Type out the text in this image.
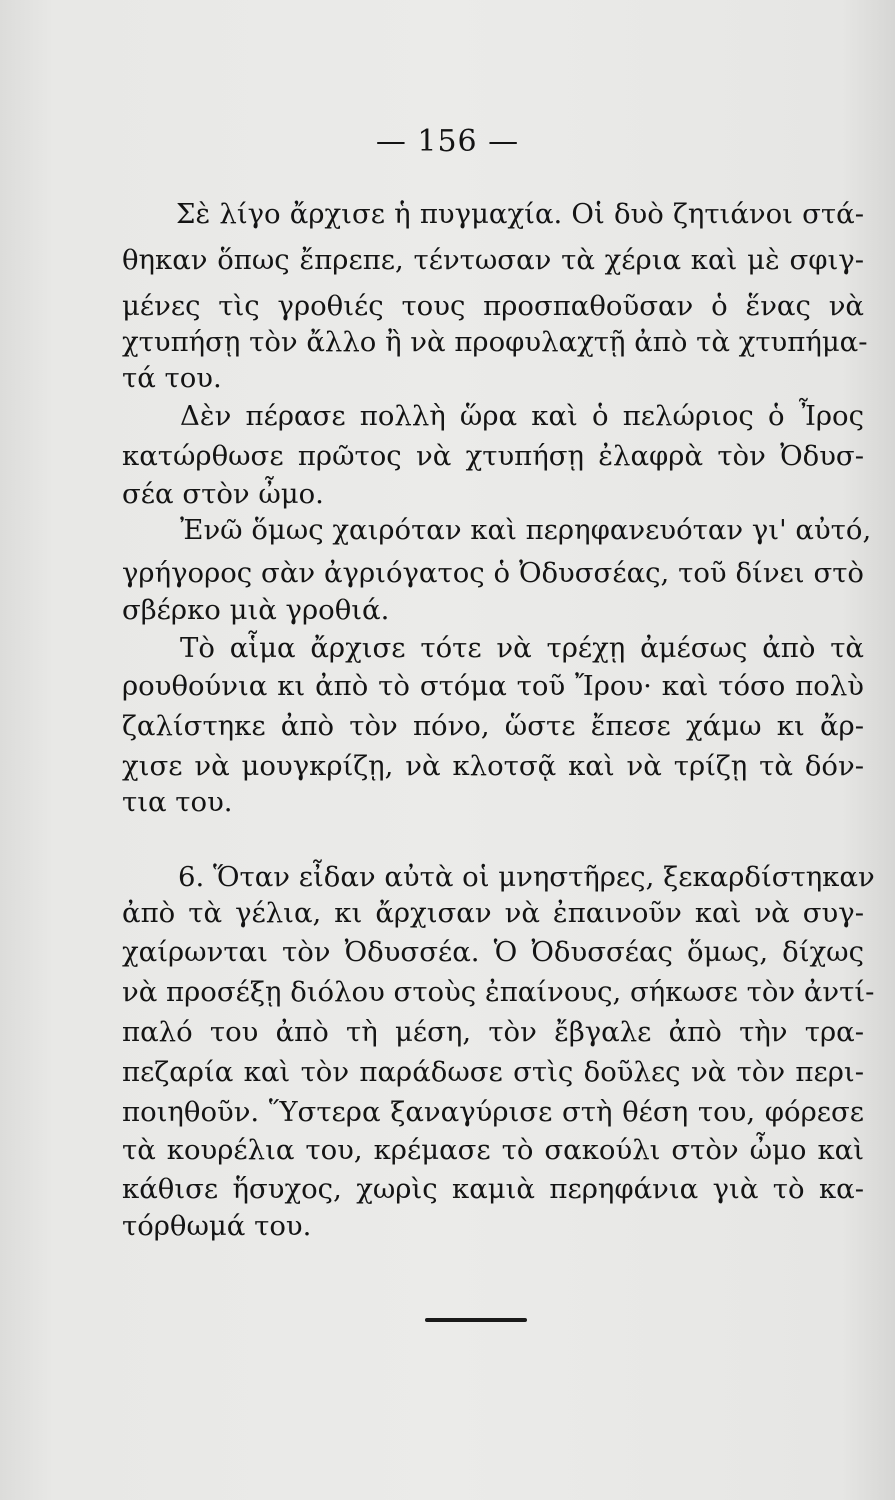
— 156 —
Σὲ λίγο ἄρχισε ἡ πυγμαχία. Οἱ δυὸ ζητιάνοι στά-
θηκαν ὅπως ἔπρεπε, τέντωσαν τὰ χέρια καὶ μὲ σφιγ-
μένες τὶς γροθιές τους προσπαθοῦσαν ὁ ἕνας νὰ
χτυπήσῃ τὸν ἄλλο ἢ νὰ προφυλαχτῇ ἀπὸ τὰ χτυπήμα-
τά του.
Δὲν πέρασε πολλὴ ὥρα καὶ ὁ πελώριος ὁ Ἶρος
κατώρθωσε πρῶτος νὰ χτυπήσῃ ἐλαφρὰ τὸν Ὀδυσ-
σέα στὸν ὦμο.
Ἐνῶ ὅμως χαιρόταν καὶ περηφανευόταν γι' αὐτό,
γρήγορος σὰν ἀγριόγατος ὁ Ὀδυσσέας, τοῦ δίνει στὸ
σβέρκο μιὰ γροθιά.
Τὸ αἷμα ἄρχισε τότε νὰ τρέχῃ ἀμέσως ἀπὸ τὰ
ρουθούνια κι ἀπὸ τὸ στόμα τοῦ Ἴρου· καὶ τόσο πολὺ
ζαλίστηκε ἀπὸ τὸν πόνο, ὥστε ἔπεσε χάμω κι ἄρ-
χισε νὰ μουγκρίζῃ, νὰ κλοτσᾷ καὶ νὰ τρίζῃ τὰ δόν-
τια του.
6. Ὅταν εἶδαν αὐτὰ οἱ μνηστῆρες, ξεκαρδίστηκαν
ἀπὸ τὰ γέλια, κι ἄρχισαν νὰ ἐπαινοῦν καὶ νὰ συγ-
χαίρωνται τὸν Ὀδυσσέα. Ὁ Ὀδυσσέας ὅμως, δίχως
νὰ προσέξῃ διόλου στοὺς ἐπαίνους, σήκωσε τὸν ἀντί-
παλό του ἀπὸ τὴ μέση, τὸν ἔβγαλε ἀπὸ τὴν τρα-
πεζαρία καὶ τὸν παράδωσε στὶς δοῦλες νὰ τὸν περι-
ποιηθοῦν. Ὕστερα ξαναγύρισε στὴ θέση του, φόρεσε
τὰ κουρέλια του, κρέμασε τὸ σακούλι στὸν ὦμο καὶ
κάθισε ἥσυχος, χωρὶς καμιὰ περηφάνια γιὰ τὸ κα-
τόρθωμά του.
